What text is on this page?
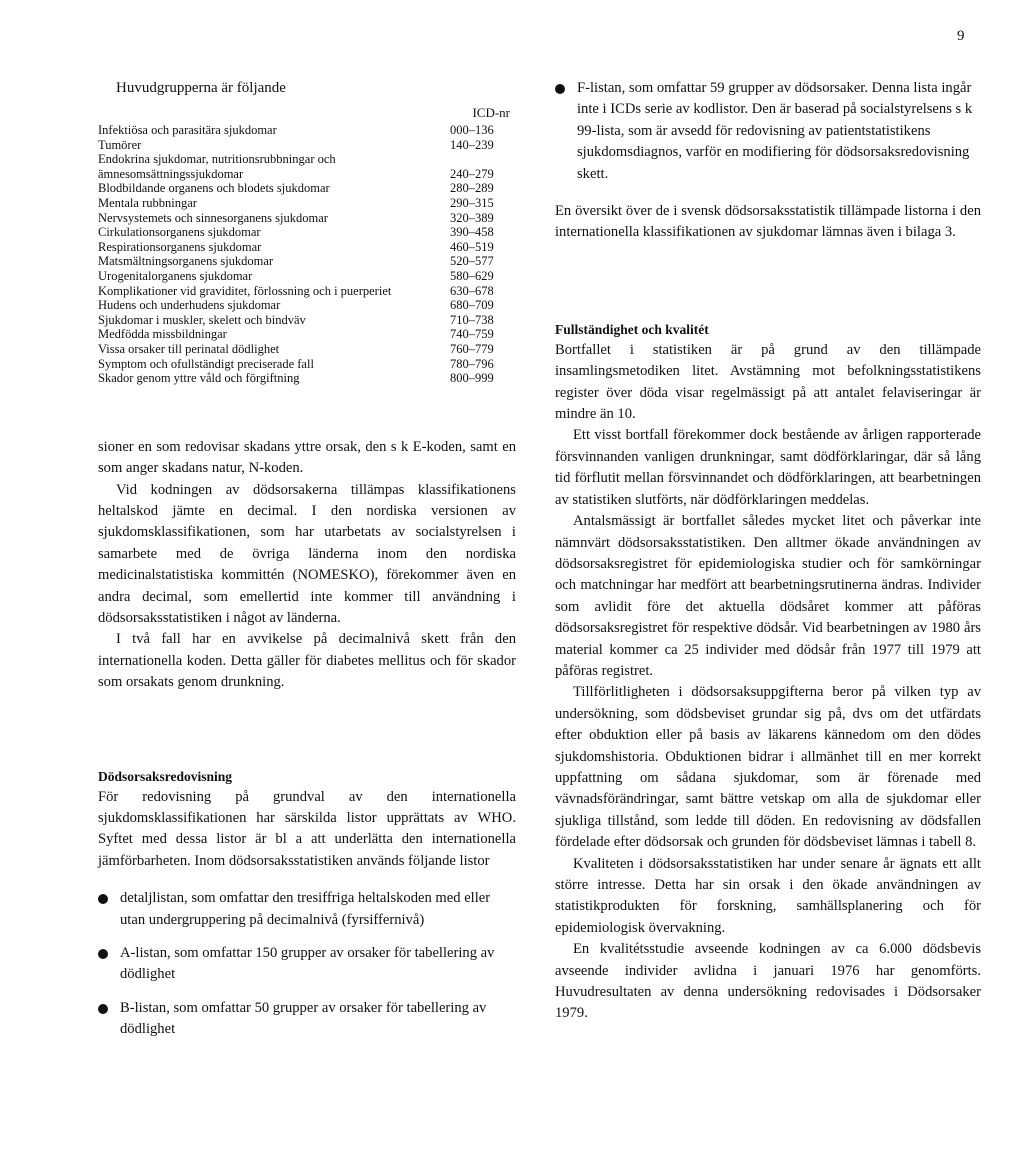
9
Huvudgrupperna är följande
ICD-nr
Infektiösa och parasitära sjukdomar	000–136
Tumörer	140–239
Endokrina sjukdomar, nutritionsrubbningar och ämnesomsättningssjukdomar	240–279
Blodbildande organens och blodets sjukdomar	280–289
Mentala rubbningar	290–315
Nervsystemets och sinnesorganens sjukdomar	320–389
Cirkulationsorganens sjukdomar	390–458
Respirationsorganens sjukdomar	460–519
Matsmältningsorganens sjukdomar	520–577
Urogenitalorganens sjukdomar	580–629
Komplikationer vid graviditet, förlossning och i puerperiet	630–678
Hudens och underhudens sjukdomar	680–709
Sjukdomar i muskler, skelett och bindväv	710–738
Medfödda missbildningar	740–759
Vissa orsaker till perinatal dödlighet	760–779
Symptom och ofullständigt preciserade fall	780–796
Skador genom yttre våld och förgiftning	800–999

sioner en som redovisar skadans yttre orsak, den s k E-koden, samt en som anger skadans natur, N-koden.

Vid kodningen av dödsorsakerna tillämpas klassifikationens heltalskod jämte en decimal. I den nordiska versionen av sjukdomsklassifikationen, som har utarbetats av socialstyrelsen i samarbete med de övriga länderna inom den nordiska medicinalstatistiska kommittén (NOMESKO), förekommer även en andra decimal, som emellertid inte kommer till användning i dödsorsaksstatistiken i något av länderna.

I två fall har en avvikelse på decimalnivå skett från den internationella koden. Detta gäller för diabetes mellitus och för skador som orsakats genom drunkning.

Dödsorsaksredovisning

För redovisning på grundval av den internationella sjukdomsklassifikationen har särskilda listor upprättats av WHO. Syftet med dessa listor är bl a att underlätta den internationella jämförbarheten. Inom dödsorsaksstatistiken används följande listor

detaljlistan, som omfattar den tresiffriga heltalskoden med eller utan undergruppering på decimalnivå (fyrsiffernivå)
A-listan, som omfattar 150 grupper av orsaker för tabellering av dödlighet
B-listan, som omfattar 50 grupper av orsaker för tabellering av dödlighet
F-listan, som omfattar 59 grupper av dödsorsaker. Denna lista ingår inte i ICDs serie av kodlistor. Den är baserad på socialstyrelsens s k 99-lista, som är avsedd för redovisning av patientstatistikens sjukdomsdiagnos, varför en modifiering för dödsorsaksredovisning skett.

En översikt över de i svensk dödsorsaksstatistik tillämpade listorna i den internationella klassifikationen av sjukdomar lämnas även i bilaga 3.

Fullständighet och kvalitét

Bortfallet i statistiken är på grund av den tillämpade insamlingsmetodiken litet. Avstämning mot befolkningsstatistikens register över döda visar regelmässigt på att antalet felaviseringar är mindre än 10.

Ett visst bortfall förekommer dock bestående av årligen rapporterade försvinnanden vanligen drunkningar, samt dödförklaringar, där så lång tid förflutit mellan försvinnandet och dödförklaringen, att bearbetningen av statistiken slutförts, när dödförklaringen meddelas.

Antalsmässigt är bortfallet således mycket litet och påverkar inte nämnvärt dödsorsaksstatistiken. Den alltmer ökade användningen av dödsorsaksregistret för epidemiologiska studier och för samkörningar och matchningar har medfört att bearbetningsrutinerna ändras. Individer som avlidit före det aktuella dödsåret kommer att påföras dödsorsaksregistret för respektive dödsår. Vid bearbetningen av 1980 års material kommer ca 25 individer med dödsår från 1977 till 1979 att påföras registret.

Tillförlitligheten i dödsorsaksuppgifterna beror på vilken typ av undersökning, som dödsbeviset grundar sig på, dvs om det utfärdats efter obduktion eller på basis av läkarens kännedom om den dödes sjukdomshistoria. Obduktionen bidrar i allmänhet till en mer korrekt uppfattning om sådana sjukdomar, som är förenade med vävnadsförändringar, samt bättre vetskap om alla de sjukdomar eller sjukliga tillstånd, som ledde till döden. En redovisning av dödsfallen fördelade efter dödsorsak och grunden för dödsbeviset lämnas i tabell 8.

Kvaliteten i dödsorsaksstatistiken har under senare år ägnats ett allt större intresse. Detta har sin orsak i den ökade användningen av statistikprodukten för forskning, samhällsplanering och för epidemiologisk övervakning.

En kvalitétsstudie avseende kodningen av ca 6.000 dödsbevis avseende individer avlidna i januari 1976 har genomförts. Huvudresultaten av denna undersökning redovisades i Dödsorsaker 1979.
